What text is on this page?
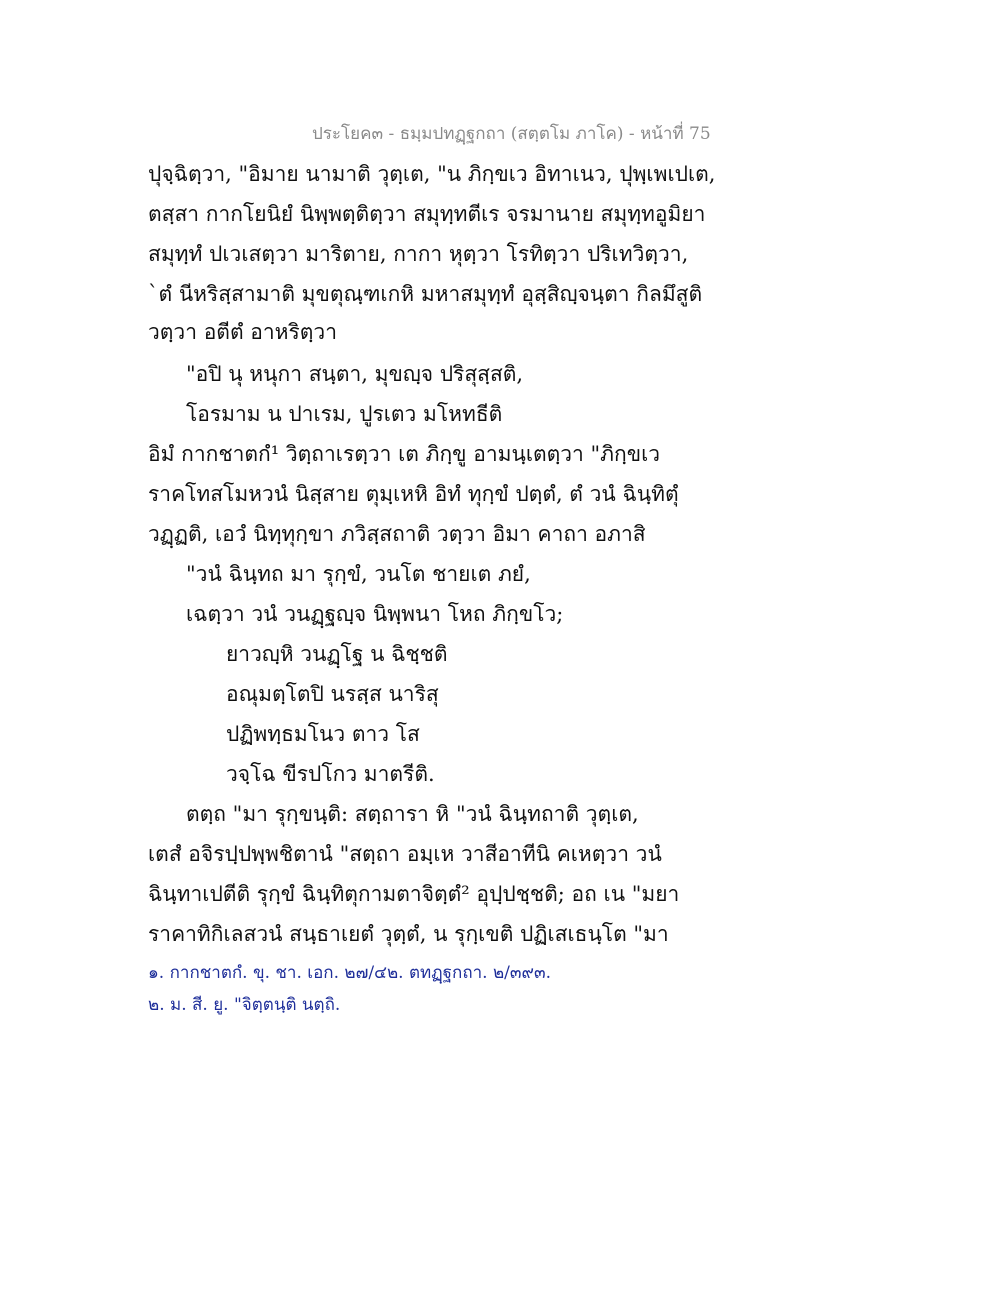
ประโยค๓ - ธมฺมปทฏฺฐกถา (สตฺตโม ภาโค) - หน้าที่ 75
ปุจฺฉิตฺวา, "อิมาย นามาติ วุตฺเต, "น ภิกฺขเว อิทาเนว, ปุพฺเพเปเต,
ตสฺสา กากโยนิยํ นิพฺพตฺติตฺวา สมุทฺทตีเร จรมานาย สมุทฺทอูมิยา
สมุทฺทํ ปเวเสตฺวา มาริตาย, กากา หุตฺวา โรทิตฺวา ปริเทวิตฺวา,
`ตํ นีหริสฺสามาติ มุขตุณฺฑเกหิ มหาสมุทฺทํ อุสฺสิญฺจนฺตา กิลมึสูติ
วตฺวา อตีตํ อาหริตฺวา
"อปิ นุ หนุกา สนฺตา, มุขญฺจ ปริสุสฺสติ,
โอรมาม น ปาเรม, ปูรเตว มโหทธีติ
อิมํ กากชาตกํ¹ วิตฺถาเรตฺวา เต ภิกฺขู อามนฺเตตฺวา "ภิกฺขเว
ราคโทสโมหวนํ นิสฺสาย ตุมฺเหหิ อิทํ ทุกฺขํ ปตฺตํ, ตํ วนํ ฉินฺทิตุํ
วฏฺฏติ, เอวํ นิทฺทุกฺขา ภวิสฺสถาติ วตฺวา อิมา คาถา อภาสิ
"วนํ ฉินฺทถ มา รุกฺขํ, วนโต ชายเต ภยํ,
เฉตฺวา วนํ วนฏฺฐญฺจ นิพฺพนา โหถ ภิกฺขโว;
ยาวญฺหิ วนฏฺโฐ น ฉิชฺชติ
อณุมตฺโตปิ นรสฺส นาริสุ
ปฏิพทฺธมโนว ตาว โส
วจฺโฉ ขีรปโกว มาตรีติ.
ตตฺถ "มา รุกฺขนฺติ: สตฺถารา หิ "วนํ ฉินฺทถาติ วุตฺเต,
เตสํ อจิรปฺปพฺพชิตานํ "สตฺถา อมฺเห วาสีอาทีนิ คเหตฺวา วนํ
ฉินฺทาเปตีติ รุกฺขํ ฉินฺทิตุกามตาจิตฺตํ² อุปฺปชฺชติ; อถ เน "มยา
ราคาทิกิเลสวนํ สนฺธาเยตํ วุตฺตํ, น รุกฺเขติ ปฏิเสเธนฺโต "มา
๑. กากชาตกํ. ขุ. ชา. เอก. ๒๗/๔๒. ตทฏฺฐกถา. ๒/๓๙๓.
๒. ม. สี. ยู. "จิตฺตนฺติ นตฺถิ.
